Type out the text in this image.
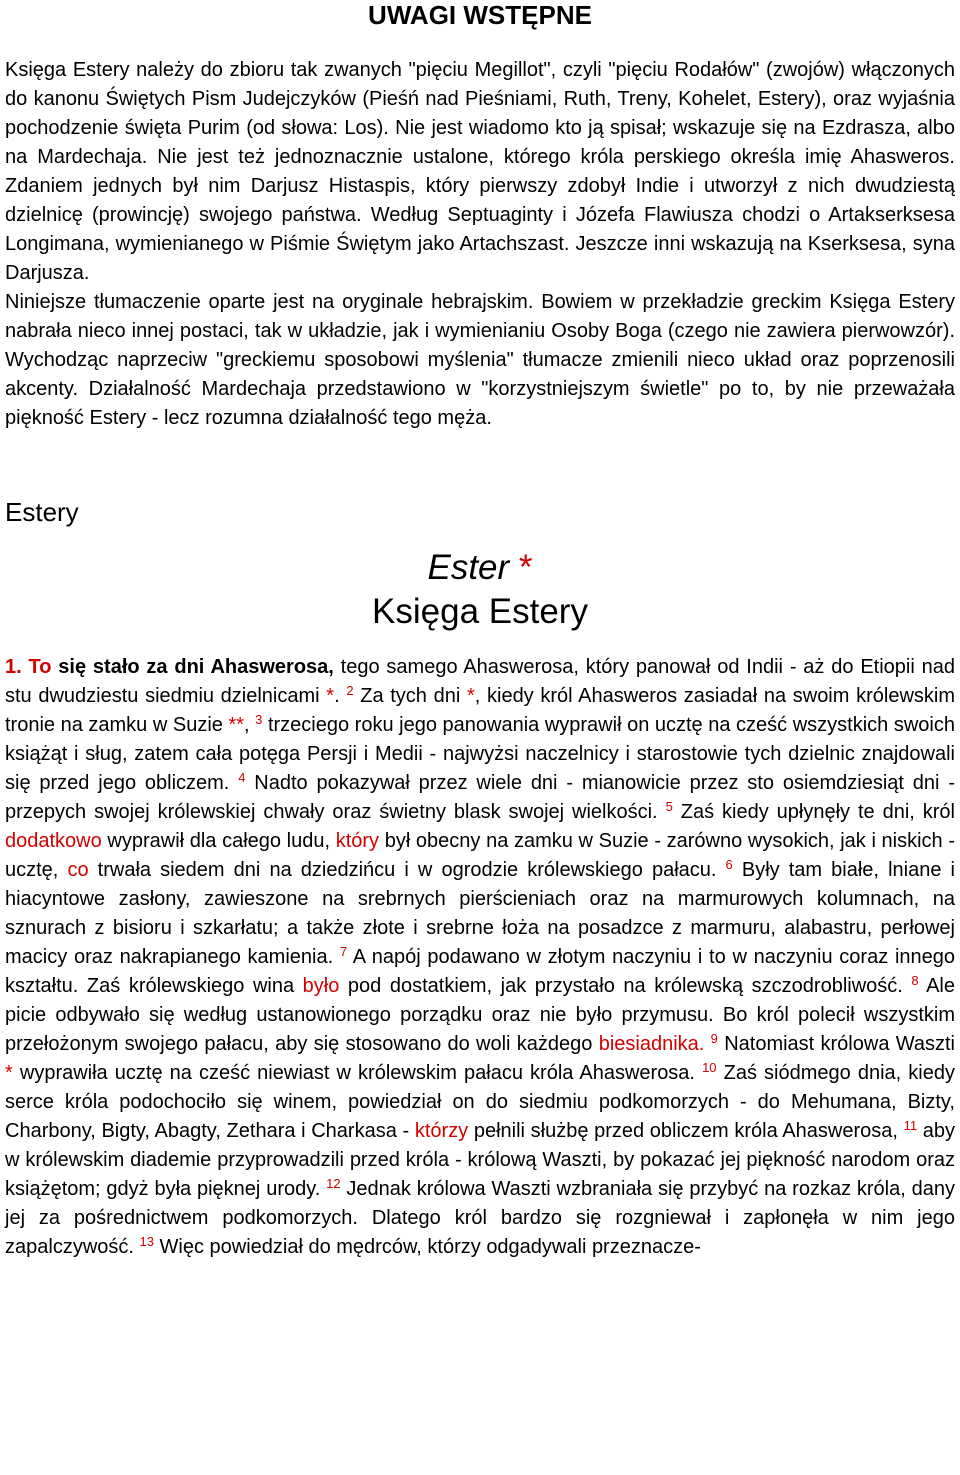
UWAGI WSTĘPNE

Księga Estery należy do zbioru tak zwanych "pięciu Megillot", czyli "pięciu Rodałów" (zwojów) włączonych do kanonu Świętych Pism Judejczyków (Pieśń nad Pieśniami, Ruth, Treny, Kohelet, Estery), oraz wyjaśnia pochodzenie święta Purim (od słowa: Los). Nie jest wiadomo kto ją spisał; wskazuje się na Ezdrasza, albo na Mardechaja. Nie jest też jednoznacznie ustalone, którego króla perskiego określa imię Ahasweros. Zdaniem jednych był nim Darjusz Histaspis, który pierwszy zdobył Indie i utworzył z nich dwudziestą dzielnicę (prowincję) swojego państwa. Według Septuaginty i Józefa Flawiusza chodzi o Artakserksesa Longimana, wymienianego w Piśmie Świętym jako Artachszast. Jeszcze inni wskazują na Kserksesa, syna Darjusza.

Niniejsze tłumaczenie oparte jest na oryginale hebrajskim. Bowiem w przekładzie greckim Księga Estery nabrała nieco innej postaci, tak w układzie, jak i wymienianiu Osoby Boga (czego nie zawiera pierwowzór). Wychodząc naprzeciw "greckiemu sposobowi myślenia" tłumacze zmienili nieco układ oraz poprzenosili akcenty. Działalność Mardechaja przedstawiono w "korzystniejszym świetle" po to, by nie przeważała piękność Estery - lecz rozumna działalność tego męża.

Estery
Ester *
Księga Estery
1. To się stało za dni Ahaswerosa, tego samego Ahaswerosa, który panował od Indii - aż do Etiopii nad stu dwudziestu siedmiu dzielnicami *. $^2$ Za tych dni *, kiedy król Ahasweros zasiadał na swoim królewskim tronie na zamku w Suzie **, $^3$ trzeciego roku jego panowania wyprawił on ucztę na cześć wszystkich swoich książąt i sług, zatem cała potęga Persji i Medii - najwyżsi naczelnicy i starostowie tych dzielnic znajdowali się przed jego obliczem. $^4$ Nadto pokazywał przez wiele dni - mianowicie przez sto osiemdziesiąt dni - przepych swojej królewskiej chwały oraz świetny blask swojej wielkości. $^5$ Zaś kiedy upłynęły te dni, król dodatkowo wyprawił dla całego ludu, który był obecny na zamku w Suzie - zarówno wysokich, jak i niskich - ucztę, co trwała siedem dni na dziedzińcu i w ogrodzie królewskiego pałacu. $^6$ Były tam białe, lniane i hiacyntowe zasłony, zawieszone na srebrnych pierścieniach oraz na marmurowych kolumnach, na sznurach z bisioru i szkarłatu; a także złote i srebrne łoża na posadzce z marmuru, alabastru, perłowej macicy oraz nakrapianego kamienia. $^7$ A napój podawano w złotym naczyniu i to w naczyniu coraz innego kształtu. Zaś królewskiego wina było pod dostatkiem, jak przystało na królewską szczodrobliwość. $^8$ Ale picie odbywało się według ustanowionego porządku oraz nie było przymusu. Bo król polecił wszystkim przełożonym swojego pałacu, aby się stosowano do woli każdego biesiadnika. $^9$ Natomiast królowa Waszti * wyprawiła ucztę na cześć niewiast w królewskim pałacu króla Ahaswerosa. $^{10}$ Zaś siódmego dnia, kiedy serce króla podochociło się winem, powiedział on do siedmiu podkomorzych - do Mehumana, Bizty, Charbony, Bigty, Abagty, Zethara i Charkasa - którzy pełnili służbę przed obliczem króla Ahaswerosa, $^{11}$ aby w królewskim diademie przyprowadzili przed króla - królową Waszti, by pokazać jej piękność narodom oraz książętom; gdyż była pięknej urody. $^{12}$ Jednak królowa Waszti wzbraniała się przybyć na rozkaz króla, dany jej za pośrednictwem podkomorzych. Dlatego król bardzo się rozgniewał i zapłonęła w nim jego zapalczywość. $^{13}$ Więc powiedział do mędrców, którzy odgadywali przeznacze-
